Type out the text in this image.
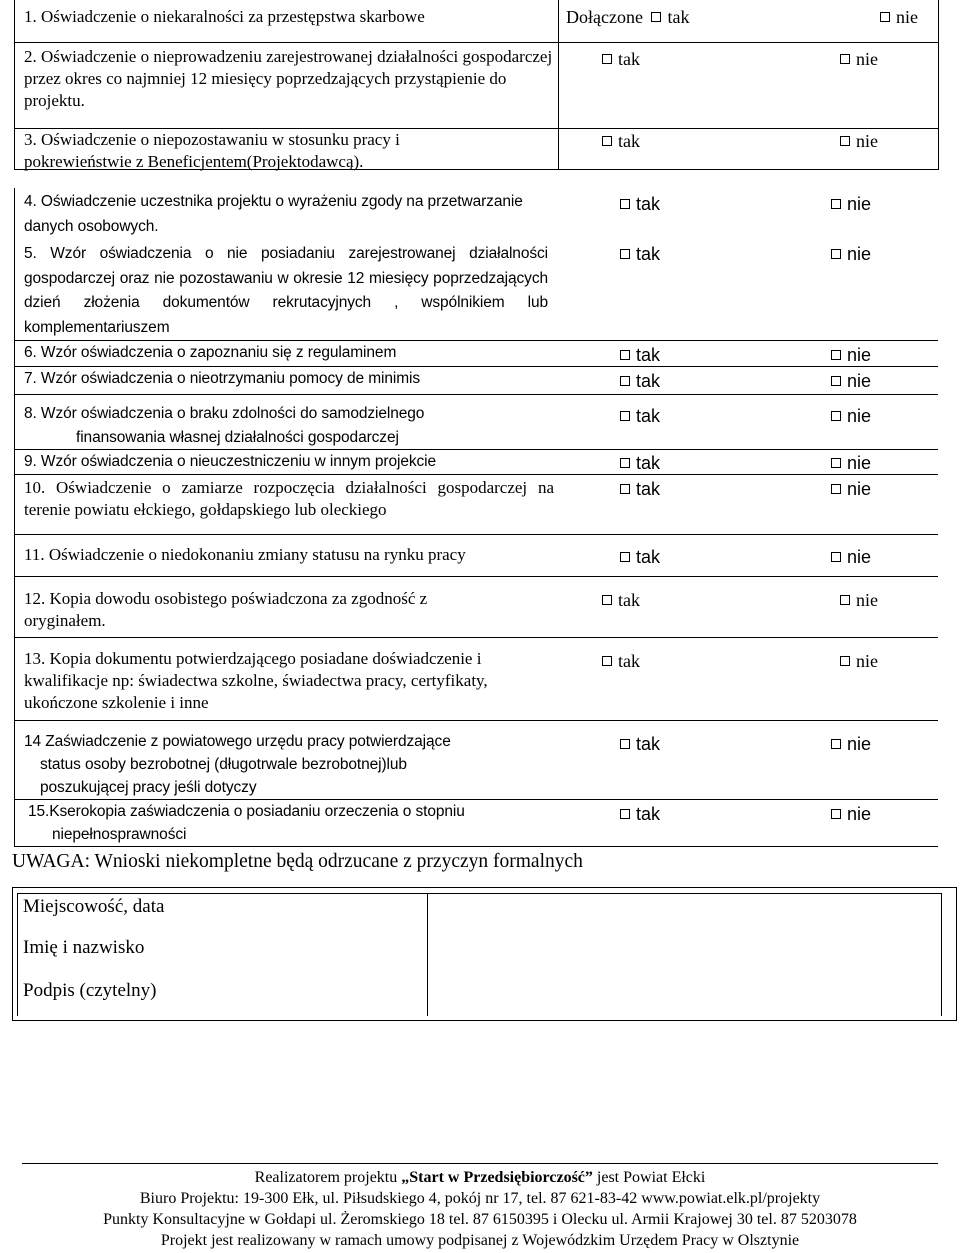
1. Oświadczenie o niekaralności za przestępstwa skarbowe	Dołączone tak	nie
2. Oświadczenie o nieprowadzeniu zarejestrowanej działalności gospodarczej przez okres co najmniej 12 miesięcy poprzedzających przystąpienie do projektu.
tak	nie
3. Oświadczenie o niepozostawaniu w stosunku pracy i pokrewieństwie z Beneficjentem(Projektodawcą).
tak	nie
4. Oświadczenie uczestnika projektu o wyrażeniu zgody na przetwarzanie danych osobowych.
tak	nie
5. Wzór oświadczenia o nie posiadaniu zarejestrowanej działalności gospodarczej oraz nie pozostawaniu w okresie 12 miesięcy poprzedzających dzień złożenia dokumentów rekrutacyjnych , wspólnikiem lub komplementariuszem
tak	nie
6. Wzór oświadczenia o zapoznaniu się z regulaminem	tak	nie
7. Wzór oświadczenia o nieotrzymaniu pomocy de minimis	tak	nie
8. Wzór oświadczenia o braku zdolności do samodzielnego
finansowania własnej działalności gospodarczej
tak	nie
9. Wzór oświadczenia o nieuczestniczeniu w innym projekcie	tak	nie
10. Oświadczenie o zamiarze rozpoczęcia działalności gospodarczej na terenie powiatu ełckiego, gołdapskiego lub oleckiego
tak	nie
11. Oświadczenie o niedokonaniu zmiany statusu na rynku pracy	tak	nie
12. Kopia dowodu osobistego poświadczona za zgodność z oryginałem.
tak	nie
13. Kopia dokumentu potwierdzającego posiadane doświadczenie i kwalifikacje np: świadectwa szkolne, świadectwa pracy, certyfikaty, ukończone szkolenie i inne
tak	nie
14 Zaświadczenie z powiatowego urzędu pracy potwierdzające
status osoby bezrobotnej (długotrwale bezrobotnej)lub
poszukującej pracy jeśli dotyczy
tak	nie
15.Kserokopia zaświadczenia o posiadaniu orzeczenia o stopniu
niepełnosprawności
tak	nie
UWAGA: Wnioski niekompletne będą odrzucane z przyczyn formalnych
Miejscowość, data
Imię i nazwisko
Podpis (czytelny)
Realizatorem projektu „Start w Przedsiębiorczość” jest Powiat Ełcki
Biuro Projektu: 19-300 Ełk, ul. Piłsudskiego 4, pokój nr 17, tel. 87 621-83-42 www.powiat.elk.pl/projekty
Punkty Konsultacyjne w Gołdapi ul. Żeromskiego 18 tel. 87 6150395 i Olecku ul. Armii Krajowej 30 tel. 87 5203078
Projekt jest realizowany w ramach umowy podpisanej z Wojewódzkim Urzędem Pracy w Olsztynie
